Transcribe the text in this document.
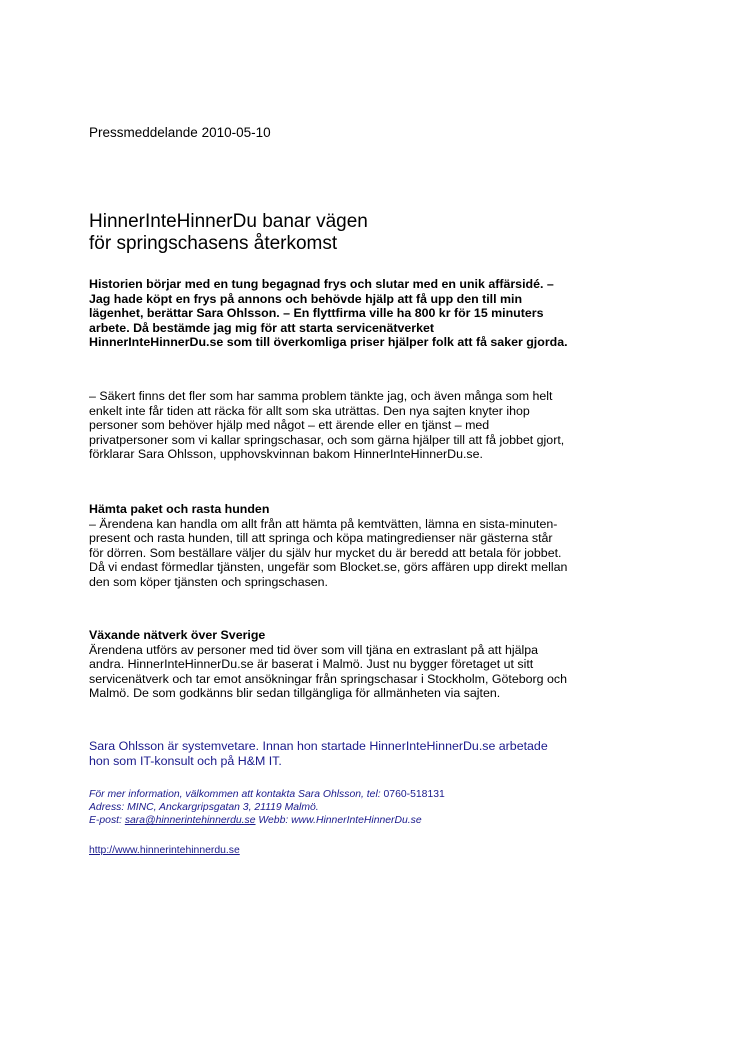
Pressmeddelande 2010-05-10
HinnerInteHinnerDu banar vägen
för springschasens återkomst

Historien börjar med en tung begagnad frys och slutar med en unik affärsidé. – Jag hade köpt en frys på annons och behövde hjälp att få upp den till min lägenhet, berättar Sara Ohlsson. – En flyttfirma ville ha 800 kr för 15 minuters arbete. Då bestämde jag mig för att starta servicenätverket HinnerInteHinnerDu.se som till överkomliga priser hjälper folk att få saker gjorda.

– Säkert finns det fler som har samma problem tänkte jag, och även många som helt enkelt inte får tiden att räcka för allt som ska uträttas. Den nya sajten knyter ihop personer som behöver hjälp med något – ett ärende eller en tjänst – med privatpersoner som vi kallar springschasar, och som gärna hjälper till att få jobbet gjort, förklarar Sara Ohlsson, upphovskvinnan bakom HinnerInteHinnerDu.se.

Hämta paket och rasta hunden
– Ärendena kan handla om allt från att hämta på kemtvätten, lämna en sista-minuten-present och rasta hunden, till att springa och köpa matingredienser när gästerna står för dörren. Som beställare väljer du själv hur mycket du är beredd att betala för jobbet. Då vi endast förmedlar tjänsten, ungefär som Blocket.se, görs affären upp direkt mellan den som köper tjänsten och springschasen.

Växande nätverk över Sverige
Ärendena utförs av personer med tid över som vill tjäna en extraslant på att hjälpa andra. HinnerInteHinnerDu.se är baserat i Malmö. Just nu bygger företaget ut sitt servicenätverk och tar emot ansökningar från springschasar i Stockholm, Göteborg och Malmö. De som godkänns blir sedan tillgängliga för allmänheten via sajten.

Sara Ohlsson är systemvetare. Innan hon startade HinnerInteHinnerDu.se arbetade hon som IT-konsult och på H&M IT.

För mer information, välkommen att kontakta Sara Ohlsson, tel: 0760-518131
Adress: MINC, Anckargripsgatan 3, 21119 Malmö.
E-post: sara@hinnerintehinnerdu.se Webb: www.HinnerInteHinnerDu.se
http://www.hinnerintehinnerdu.se
